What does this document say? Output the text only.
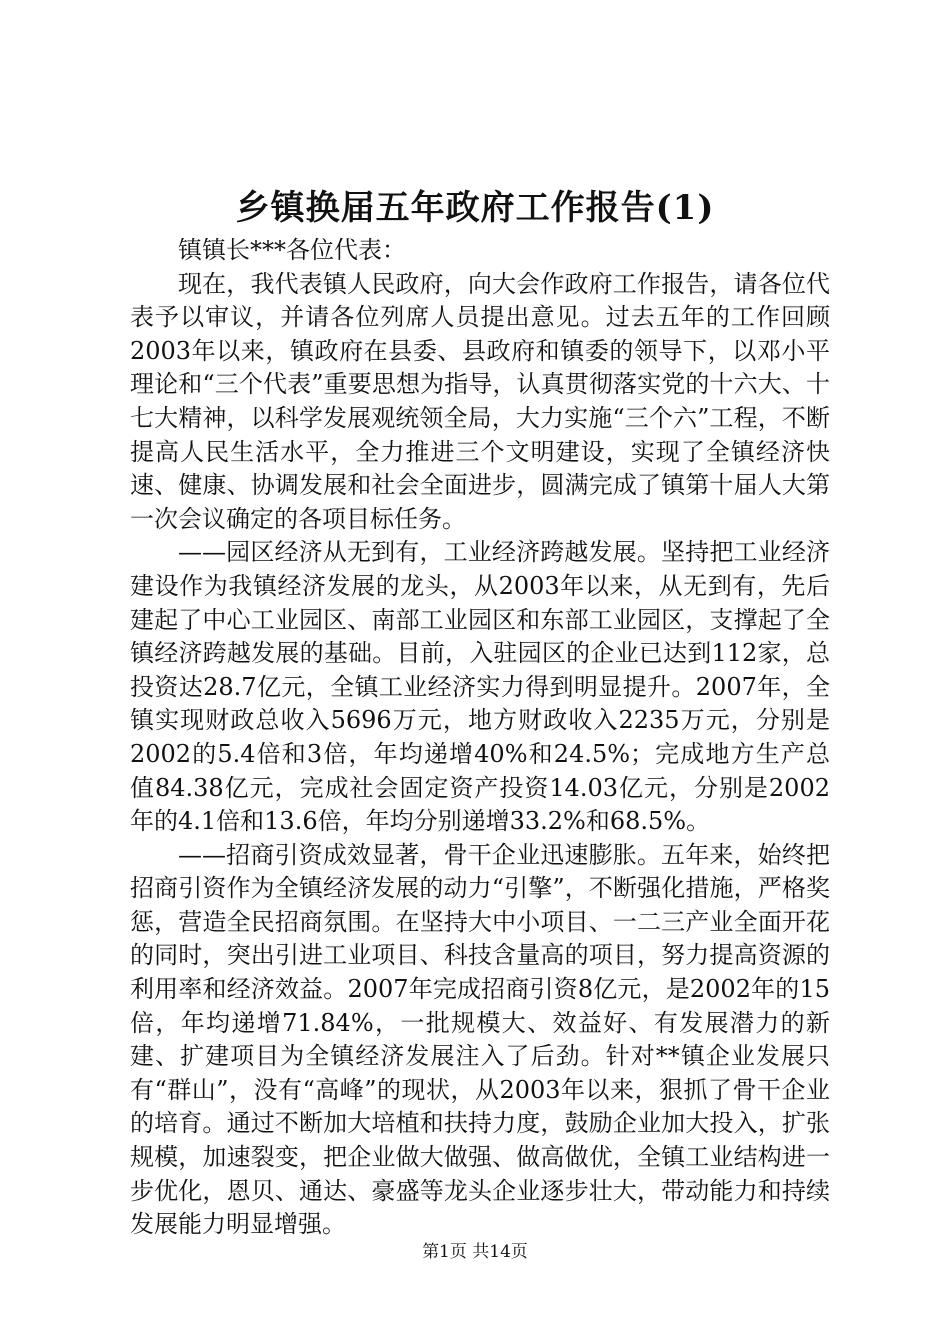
乡镇换届五年政府工作报告(1)

镇镇长***各位代表：

现在，我代表镇人民政府，向大会作政府工作报告，请各位代表予以审议，并请各位列席人员提出意见。过去五年的工作回顾2003年以来，镇政府在县委、县政府和镇委的领导下，以邓小平理论和“三个代表”重要思想为指导，认真贯彻落实党的十六大、十七大精神，以科学发展观统领全局，大力实施“三个六”工程，不断提高人民生活水平，全力推进三个文明建设，实现了全镇经济快速、健康、协调发展和社会全面进步，圆满完成了镇第十届人大第一次会议确定的各项目标任务。

——园区经济从无到有，工业经济跨越发展。坚持把工业经济建设作为我镇经济发展的龙头，从2003年以来，从无到有，先后建起了中心工业园区、南部工业园区和东部工业园区，支撑起了全镇经济跨越发展的基础。目前，入驻园区的企业已达到112家，总投资达28.7亿元，全镇工业经济实力得到明显提升。2007年，全镇实现财政总收入5696万元，地方财政收入2235万元，分别是2002的5.4倍和3倍，年均递增40%和24.5%；完成地方生产总值84.38亿元，完成社会固定资产投资14.03亿元，分别是2002年的4.1倍和13.6倍，年均分别递增33.2%和68.5%。

——招商引资成效显著，骨干企业迅速膨胀。五年来，始终把招商引资作为全镇经济发展的动力“引擎”，不断强化措施，严格奖惩，营造全民招商氛围。在坚持大中小项目、一二三产业全面开花的同时，突出引进工业项目、科技含量高的项目，努力提高资源的利用率和经济效益。2007年完成招商引资8亿元，是2002年的15倍，年均递增71.84%，一批规模大、效益好、有发展潜力的新建、扩建项目为全镇经济发展注入了后劲。针对**镇企业发展只有“群山”，没有“高峰”的现状，从2003年以来，狠抓了骨干企业的培育。通过不断加大培植和扶持力度，鼓励企业加大投入，扩张规模，加速裂变，把企业做大做强、做高做优，全镇工业结构进一步优化，恩贝、通达、豪盛等龙头企业逐步壮大，带动能力和持续发展能力明显增强。

第1页 共14页
